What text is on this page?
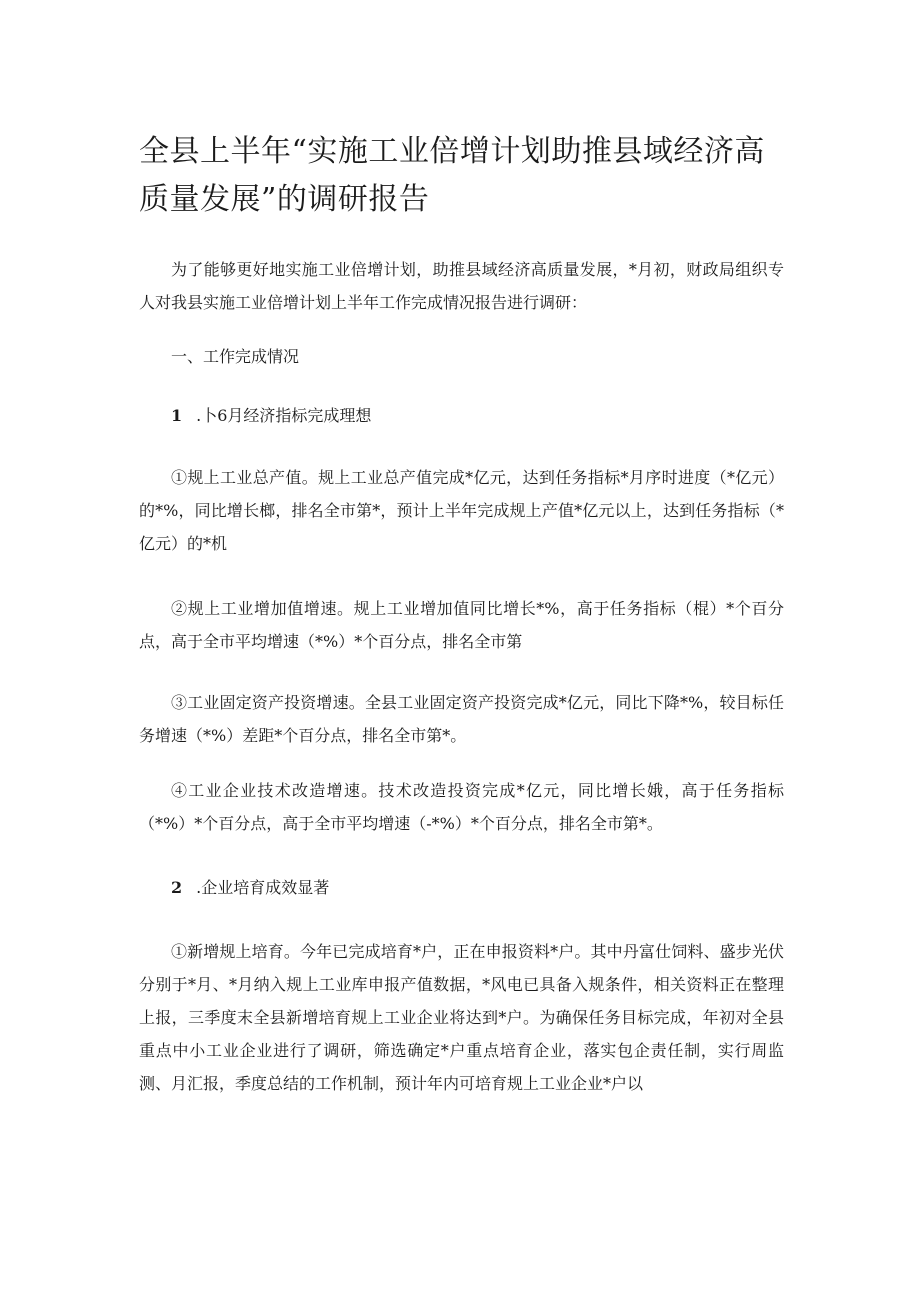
全县上半年“实施工业倍增计划助推县域经济高质量发展”的调研报告

为了能够更好地实施工业倍增计划，助推县域经济高质量发展，*月初，财政局组织专人对我县实施工业倍增计划上半年工作完成情况报告进行调研：

一、工作完成情况

1 .卜6月经济指标完成理想

①规上工业总产值。规上工业总产值完成*亿元，达到任务指标*月序时进度（*亿元）的*%，同比增长榔，排名全市第*，预计上半年完成规上产值*亿元以上，达到任务指标（*亿元）的*机

②规上工业增加值增速。规上工业增加值同比增长*%，高于任务指标（棍）*个百分点，高于全市平均增速（*%）*个百分点，排名全市第

③工业固定资产投资增速。全县工业固定资产投资完成*亿元，同比下降*%，较目标任务增速（*%）差距*个百分点，排名全市第*。

④工业企业技术改造增速。技术改造投资完成*亿元，同比增长娥，高于任务指标（*%）*个百分点，高于全市平均增速（-*%）*个百分点，排名全市第*。

2 .企业培育成效显著

①新增规上培育。今年已完成培育*户，正在申报资料*户。其中丹富仕饲料、盛步光伏分别于*月、*月纳入规上工业库申报产值数据，*风电已具备入规条件，相关资料正在整理上报，三季度末全县新增培育规上工业企业将达到*户。为确保任务目标完成，年初对全县重点中小工业企业进行了调研，筛选确定*户重点培育企业，落实包企责任制，实行周监测、月汇报，季度总结的工作机制，预计年内可培育规上工业企业*户以
